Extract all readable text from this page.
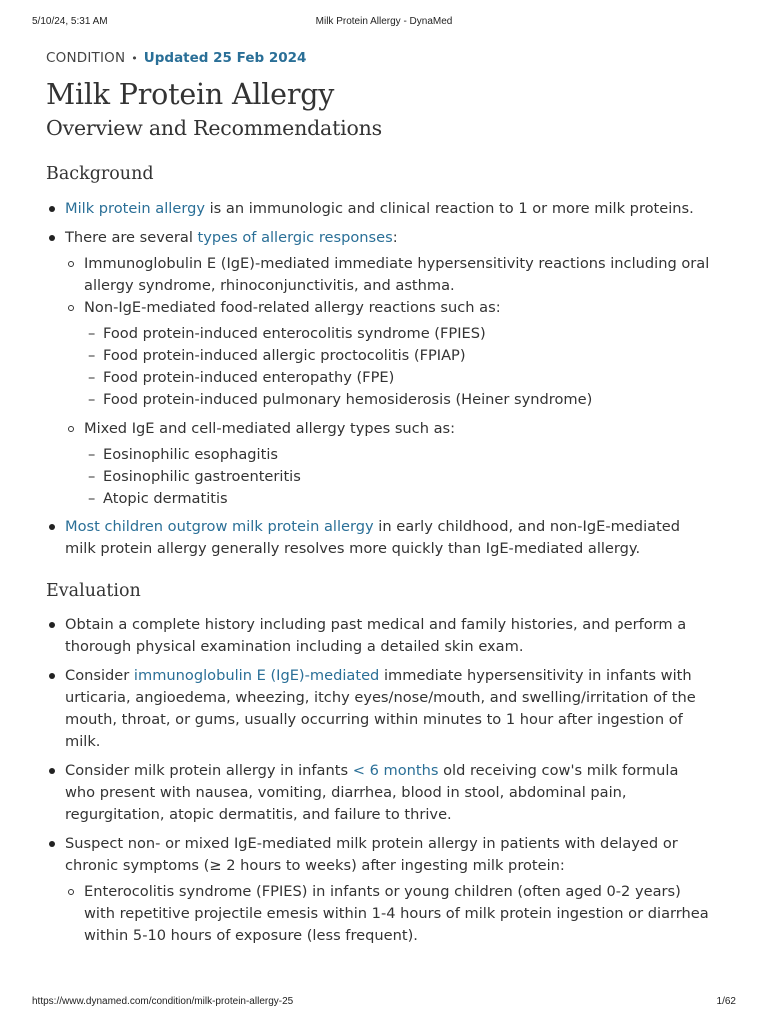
5/10/24, 5:31 AM	Milk Protein Allergy - DynaMed
CONDITION • Updated 25 Feb 2024
Milk Protein Allergy
Overview and Recommendations
Background
Milk protein allergy is an immunologic and clinical reaction to 1 or more milk proteins.
There are several types of allergic responses:
Immunoglobulin E (IgE)-mediated immediate hypersensitivity reactions including oral allergy syndrome, rhinoconjunctivitis, and asthma.
Non-IgE-mediated food-related allergy reactions such as:
– Food protein-induced enterocolitis syndrome (FPIES)
– Food protein-induced allergic proctocolitis (FPIAP)
– Food protein-induced enteropathy (FPE)
– Food protein-induced pulmonary hemosiderosis (Heiner syndrome)
Mixed IgE and cell-mediated allergy types such as:
– Eosinophilic esophagitis
– Eosinophilic gastroenteritis
– Atopic dermatitis
Most children outgrow milk protein allergy in early childhood, and non-IgE-mediated milk protein allergy generally resolves more quickly than IgE-mediated allergy.
Evaluation
Obtain a complete history including past medical and family histories, and perform a thorough physical examination including a detailed skin exam.
Consider immunoglobulin E (IgE)-mediated immediate hypersensitivity in infants with urticaria, angioedema, wheezing, itchy eyes/nose/mouth, and swelling/irritation of the mouth, throat, or gums, usually occurring within minutes to 1 hour after ingestion of milk.
Consider milk protein allergy in infants < 6 months old receiving cow's milk formula who present with nausea, vomiting, diarrhea, blood in stool, abdominal pain, regurgitation, atopic dermatitis, and failure to thrive.
Suspect non- or mixed IgE-mediated milk protein allergy in patients with delayed or chronic symptoms (≥ 2 hours to weeks) after ingesting milk protein:
Enterocolitis syndrome (FPIES) in infants or young children (often aged 0-2 years) with repetitive projectile emesis within 1-4 hours of milk protein ingestion or diarrhea within 5-10 hours of exposure (less frequent).
https://www.dynamed.com/condition/milk-protein-allergy-25	1/62
